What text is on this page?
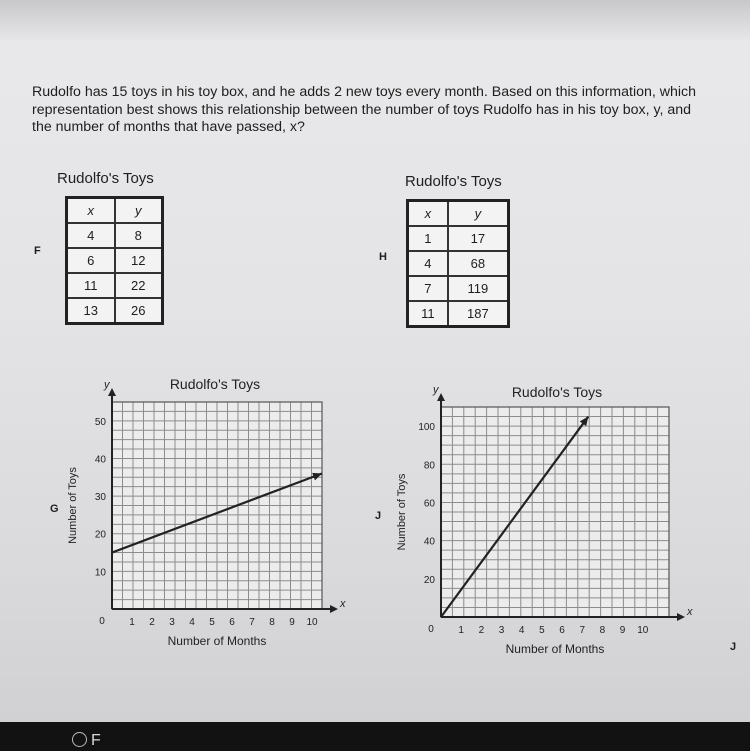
Rudolfo has 15 toys in his toy box, and he adds 2 new toys every month. Based on this information, which representation best shows this relationship between the number of toys Rudolfo has in his toy box, y, and the number of months that have passed, x?
Rudolfo's Toys
F
x	y
4	8
6	12
11	22
13	26
Rudolfo's Toys
H
x	y
1	17
4	68
7	119
11	187
G
x
y	Rudolfo's Toys
Number of Months
Number of Toys
1 2 3 4 5 6 7 8 9 10
10
20
30
40
50
0
J
x
y	Rudolfo's Toys
Number of Months
Number of Toys
1 2 3 4 5 6 7 8 9 10
20
40
60
80
100
0
J
F
